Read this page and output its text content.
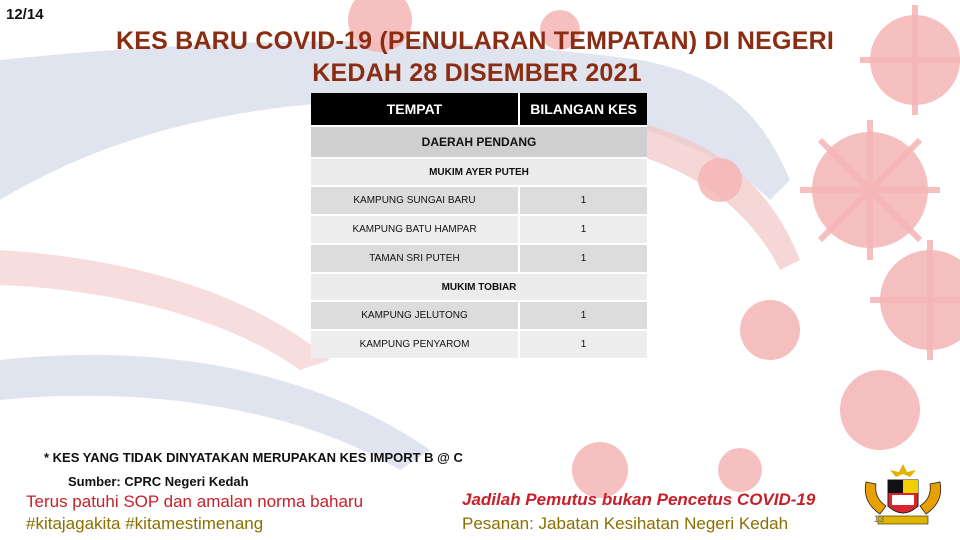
12/14
KES BARU COVID-19 (PENULARAN TEMPATAN) DI NEGERI
KEDAH 28 DISEMBER 2021
TEMPAT	BILANGAN KES
DAERAH PENDANG	
MUKIM AYER PUTEH	
KAMPUNG SUNGAI BARU	1
KAMPUNG BATU HAMPAR	1
TAMAN SRI PUTEH	1
MUKIM TOBIAR	
KAMPUNG JELUTONG	1
KAMPUNG PENYAROM	1
* KES YANG TIDAK DINYATAKAN MERUPAKAN KES IMPORT B @ C
Sumber: CPRC Negeri Kedah
Terus patuhi SOP dan amalan norma baharu
#kitajagakita #kitamestimenang
Jadilah Pemutus bukan Pencetus COVID-19
Pesanan: Jabatan Kesihatan Negeri Kedah	13
